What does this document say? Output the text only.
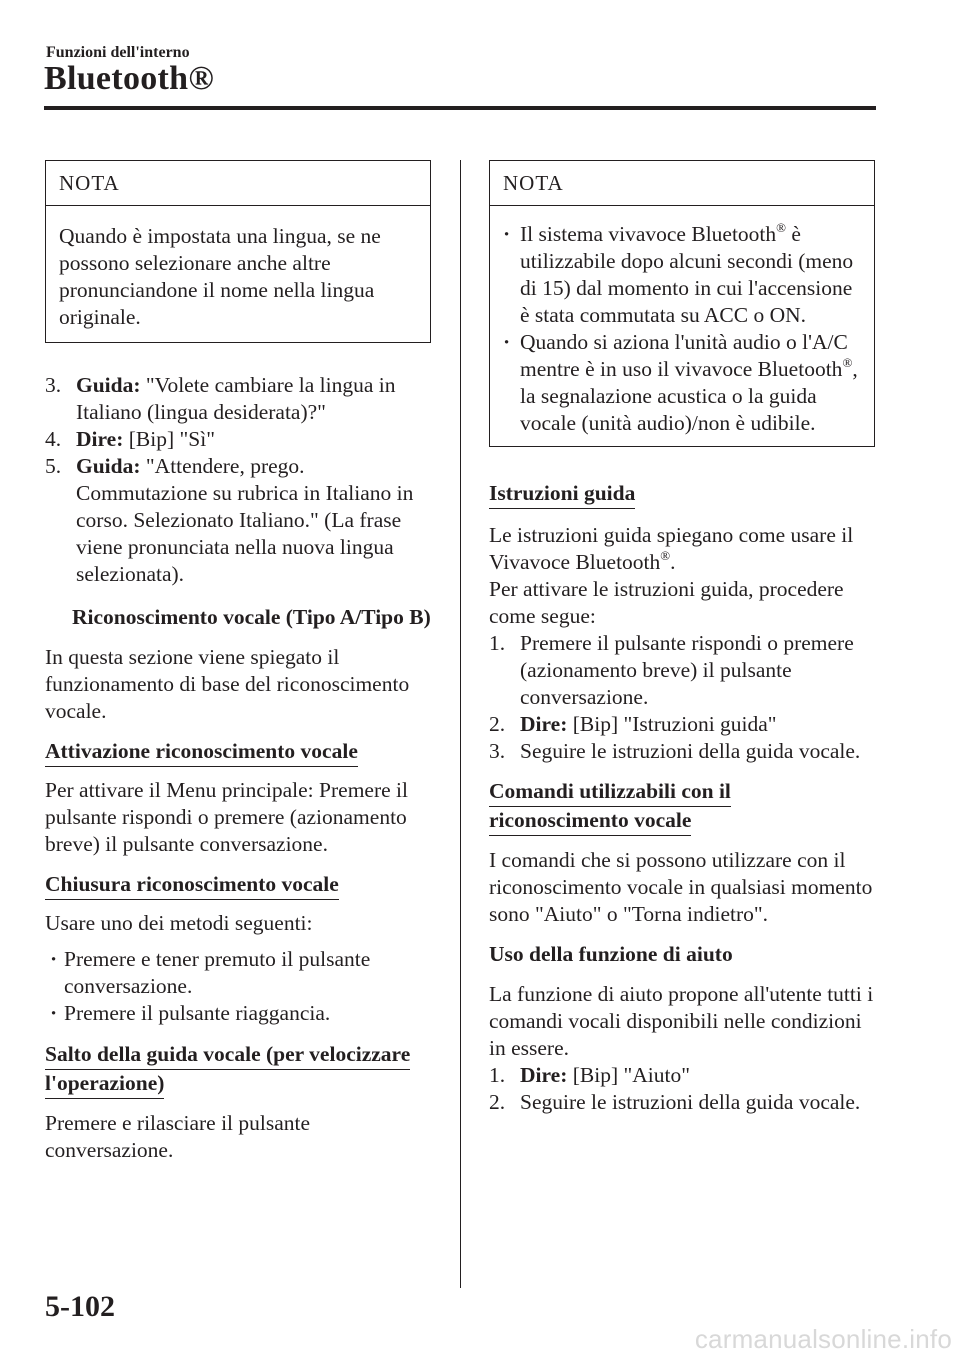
Funzioni dell'interno
Bluetooth®
NOTA

Quando è impostata una lingua, se ne possono selezionare anche altre pronunciandone il nome nella lingua originale.

3. Guida: "Volete cambiare la lingua in Italiano (lingua desiderata)?"
4. Dire: [Bip] "Sì"
5. Guida: "Attendere, prego. Commutazione su rubrica in Italiano in corso. Selezionato Italiano." (La frase viene pronunciata nella nuova lingua selezionata).

Riconoscimento vocale (Tipo A/Tipo B)

In questa sezione viene spiegato il funzionamento di base del riconoscimento vocale.

Attivazione riconoscimento vocale

Per attivare il Menu principale: Premere il pulsante rispondi o premere (azionamento breve) il pulsante conversazione.

Chiusura riconoscimento vocale

Usare uno dei metodi seguenti:

· Premere e tener premuto il pulsante conversazione.
· Premere il pulsante riaggancia.
Salto della guida vocale (per velocizzare
l'operazione)

Premere e rilasciare il pulsante conversazione.

NOTA
· Il sistema vivavoce Bluetooth® è utilizzabile dopo alcuni secondi (meno di 15) dal momento in cui l'accensione è stata commutata su ACC o ON.
· Quando si aziona l'unità audio o l'A/C mentre è in uso il vivavoce Bluetooth®, la segnalazione acustica o la guida vocale (unità audio)/non è udibile.
Istruzioni guida

Le istruzioni guida spiegano come usare il Vivavoce Bluetooth®.

Per attivare le istruzioni guida, procedere come segue:

1. Premere il pulsante rispondi o premere (azionamento breve) il pulsante conversazione.
2. Dire: [Bip] "Istruzioni guida"
3. Seguire le istruzioni della guida vocale.
Comandi utilizzabili con il
riconoscimento vocale

I comandi che si possono utilizzare con il riconoscimento vocale in qualsiasi momento sono "Aiuto" o "Torna indietro".

Uso della funzione di aiuto

La funzione di aiuto propone all'utente tutti i comandi vocali disponibili nelle condizioni in essere.

1. Dire: [Bip] "Aiuto"
2. Seguire le istruzioni della guida vocale.
5-102
carmanualsonline.info
